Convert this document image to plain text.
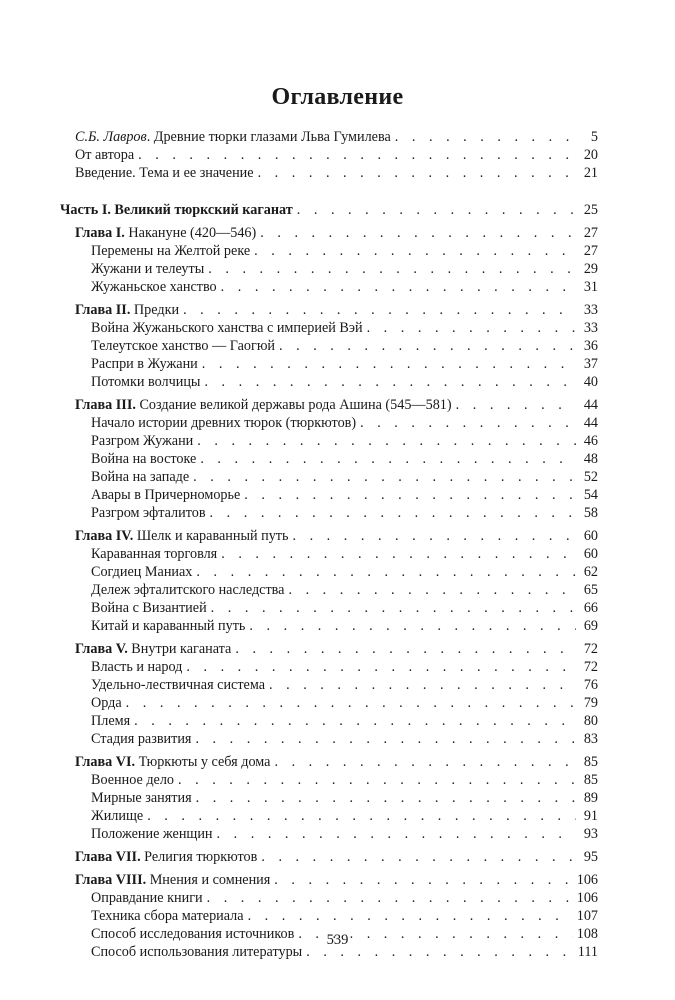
Оглавление
С.Б. Лавров. Древние тюрки глазами Льва Гумилева . . .	5
От автора . . .	20
Введение. Тема и ее значение . . .	21
Часть I. Великий тюркский каганат . . .	25
Глава I. Накануне (420—546) . . .	27
Перемены на Желтой реке . . .	27
Жужани и телеуты . . .	29
Жужаньское ханство . . .	31
Глава II. Предки . . .	33
Война Жужаньского ханства с империей Вэй . . .	33
Телеутское ханство — Гаогюй . . .	36
Распри в Жужани . . .	37
Потомки волчицы . . .	40
Глава III. Создание великой державы рода Ашина (545—581) . . .	44
Начало истории древних тюрок (тюркютов) . . .	44
Разгром Жужани . . .	46
Война на востоке . . .	48
Война на западе . . .	52
Авары в Причерноморье . . .	54
Разгром эфталитов . . .	58
Глава IV. Шелк и караванный путь . . .	60
Караванная торговля . . .	60
Согдиец Маниах . . .	62
Дележ эфталитского наследства . . .	65
Война с Византией . . .	66
Китай и караванный путь . . .	69
Глава V. Внутри каганата . . .	72
Власть и народ . . .	72
Удельно-лествичная система . . .	76
Орда . . .	79
Племя . . .	80
Стадия развития . . .	83
Глава VI. Тюркюты у себя дома . . .	85
Военное дело . . .	85
Мирные занятия . . .	89
Жилище . . .	91
Положение женщин . . .	93
Глава VII. Религия тюркютов . . .	95
Глава VIII. Мнения и сомнения . . .	106
Оправдание книги . . .	106
Техника сбора материала . . .	107
Способ исследования источников . . .	108
Способ использования литературы . . .	111
539
